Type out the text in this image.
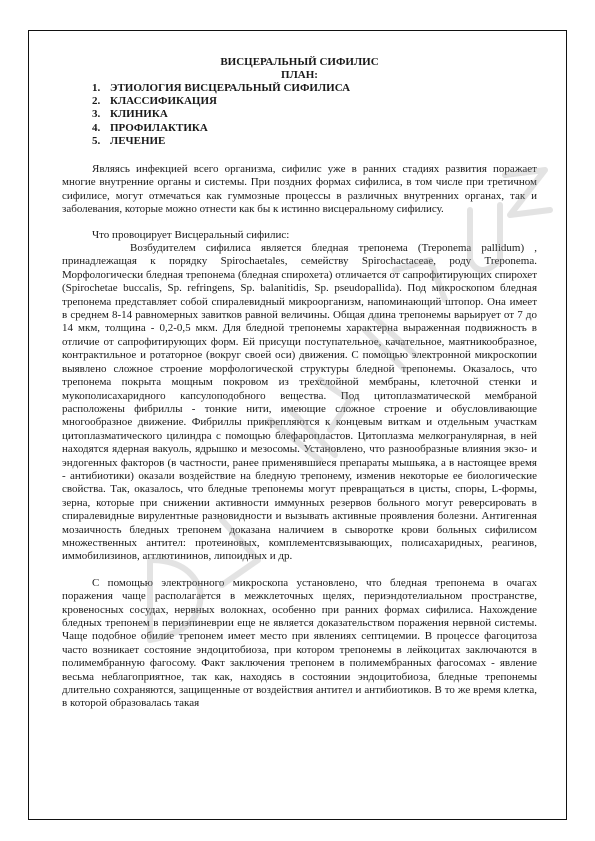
ВИСЦЕРАЛЬНЫЙ СИФИЛИС
ПЛАН:
1. ЭТИОЛОГИЯ ВИСЦЕРАЛЬНЫЙ СИФИЛИСА
2. КЛАССИФИКАЦИЯ
3. КЛИНИКА
4. ПРОФИЛАКТИКА
5. ЛЕЧЕНИЕ

Являясь инфекцией всего организма, сифилис уже в ранних стадиях развития поражает многие внутренние органы и системы. При поздних формах сифилиса, в том числе при третичном сифилисе, могут отмечаться как гуммозные процессы в различных внутренних органах, так и заболевания, которые можно отнести как бы к истинно висцеральному сифилису.

Что провоцирует Висцеральный сифилис:

Возбудителем сифилиса является бледная трепонема (Treponema pallidum) , принадлежащая к порядку Spirochaetales, семейству Spirochactaceae, роду Treponema. Морфологически бледная трепонема (бледная спирохета) отличается от сапрофитирующих спирохет (Spirochetae buccalis, Sp. refringens, Sp. balanitidis, Sp. pseudopallida). Под микроскопом бледная трепонема представляет собой спиралевидный микроорганизм, напоминающий штопор. Она имеет в среднем 8-14 равномерных завитков равной величины. Общая длина трепонемы варьирует от 7 до 14 мкм, толщина - 0,2-0,5 мкм. Для бледной трепонемы характерна выраженная подвижность в отличие от сапрофитирующих форм. Ей присущи поступательное, качательное, маятникообразное, контрактильное и ротаторное (вокруг своей оси) движения. С помощью электронной микроскопии выявлено сложное строение морфологической структуры бледной трепонемы. Оказалось, что трепонема покрыта мощным покровом из трехслойной мембраны, клеточной стенки и мукополисахаридного капсулоподобного вещества. Под цитоплазматической мембраной расположены фибриллы - тонкие нити, имеющие сложное строение и обусловливающие многообразное движение. Фибриллы прикрепляются к концевым виткам и отдельным участкам цитоплазматического цилиндра с помощью блефаропластов. Цитоплазма мелкогранулярная, в ней находятся ядерная вакуоль, ядрышко и мезосомы. Установлено, что разнообразные влияния экзо- и эндогенных факторов (в частности, ранее применявшиеся препараты мышьяка, а в настоящее время - антибиотики) оказали воздействие на бледную трепонему, изменив некоторые ее биологические свойства. Так, оказалось, что бледные трепонемы могут превращаться в цисты, споры, L-формы, зерна, которые при снижении активности иммунных резервов больного могут реверсировать в спиралевидные вирулентные разновидности и вызывать активные проявления болезни. Антигенная мозаичность бледных трепонем доказана наличием в сыворотке крови больных сифилисом множественных антител: протеиновых, комплементсвязывающих, полисахаридных, реагинов, иммобилизинов, агглютининов, липоидных и др.

С помощью электронного микроскопа установлено, что бледная трепонема в очагах поражения чаще располагается в межклеточных щелях, периэндотелиальном пространстве, кровеносных сосудах, нервных волокнах, особенно при ранних формах сифилиса. Нахождение бледных трепонем в периэпиневрии еще не является доказательством поражения нервной системы. Чаще подобное обилие трепонем имеет место при явлениях септицемии. В процессе фагоцитоза часто возникает состояние эндоцитобиоза, при котором трепонемы в лейкоцитах заключаются в полимембранную фагосому. Факт заключения трепонем в полимембранных фагосомах - явление весьма неблагоприятное, так как, находясь в состоянии эндоцитобиоза, бледные трепонемы длительно сохраняются, защищенные от воздействия антител и антибиотиков. В то же время клетка, в которой образовалась такая
